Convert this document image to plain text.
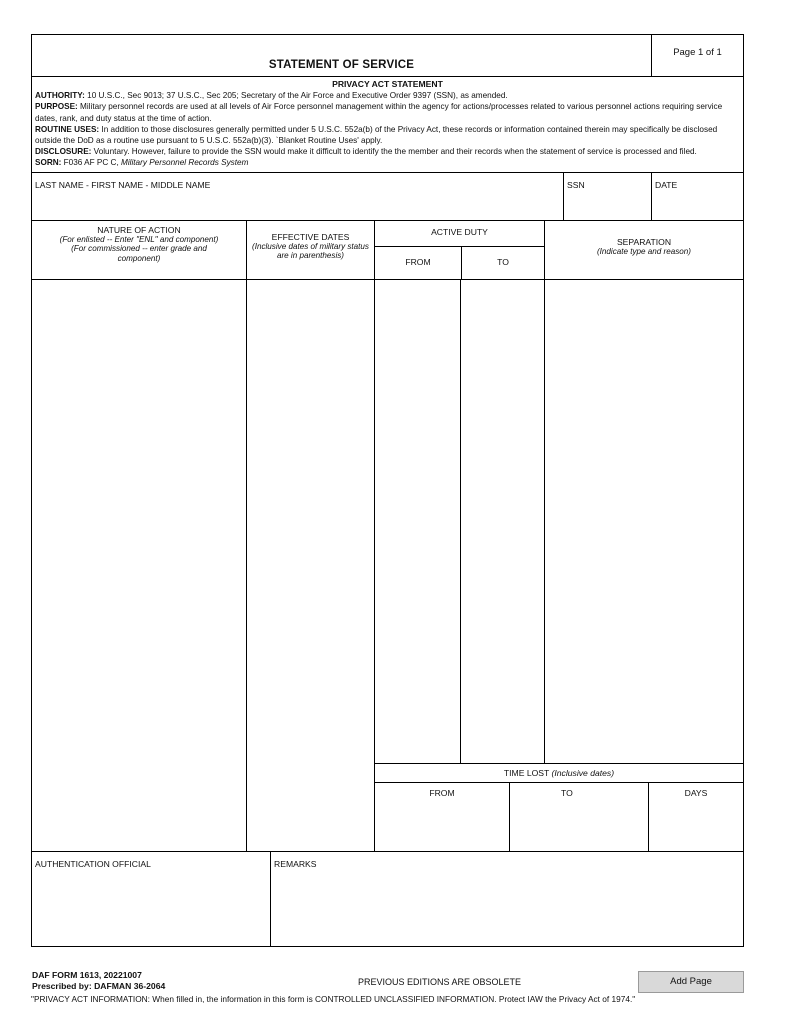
STATEMENT OF SERVICE
Page 1 of 1
PRIVACY ACT STATEMENT
AUTHORITY: 10 U.S.C., Sec 9013; 37 U.S.C., Sec 205; Secretary of the Air Force and Executive Order 9397 (SSN), as amended.
PURPOSE: Military personnel records are used at all levels of Air Force personnel management within the agency for actions/processes related to various personnel actions requiring service dates, rank, and duty status at the time of action.
ROUTINE USES: In addition to those disclosures generally permitted under 5 U.S.C. 552a(b) of the Privacy Act, these records or information contained therein may specifically be disclosed outside the DoD as a routine use pursuant to 5 U.S.C. 552a(b)(3). `Blanket Routine Uses' apply.
DISCLOSURE: Voluntary. However, failure to provide the SSN would make it difficult to identify the the member and their records when the statement of service is processed and filed.
SORN: F036 AF PC C, Military Personnel Records System
LAST NAME - FIRST NAME - MIDDLE NAME	SSN	DATE
NATURE OF ACTION
(For enlisted -- Enter "ENL" and component)
(For commissioned -- enter grade and component)
EFFECTIVE DATES
(Inclusive dates of military status are in parenthesis)
ACTIVE DUTY
FROM	TO
SEPARATION
(Indicate type and reason)
TIME LOST (Inclusive dates)
FROM	TO	DAYS
AUTHENTICATION OFFICIAL	REMARKS
DAF FORM 1613, 20221007
Prescribed by: DAFMAN 36-2064	PREVIOUS EDITIONS ARE OBSOLETE	Add Page
"PRIVACY ACT INFORMATION: When filled in, the information in this form is CONTROLLED UNCLASSIFIED INFORMATION. Protect IAW the Privacy Act of 1974."
